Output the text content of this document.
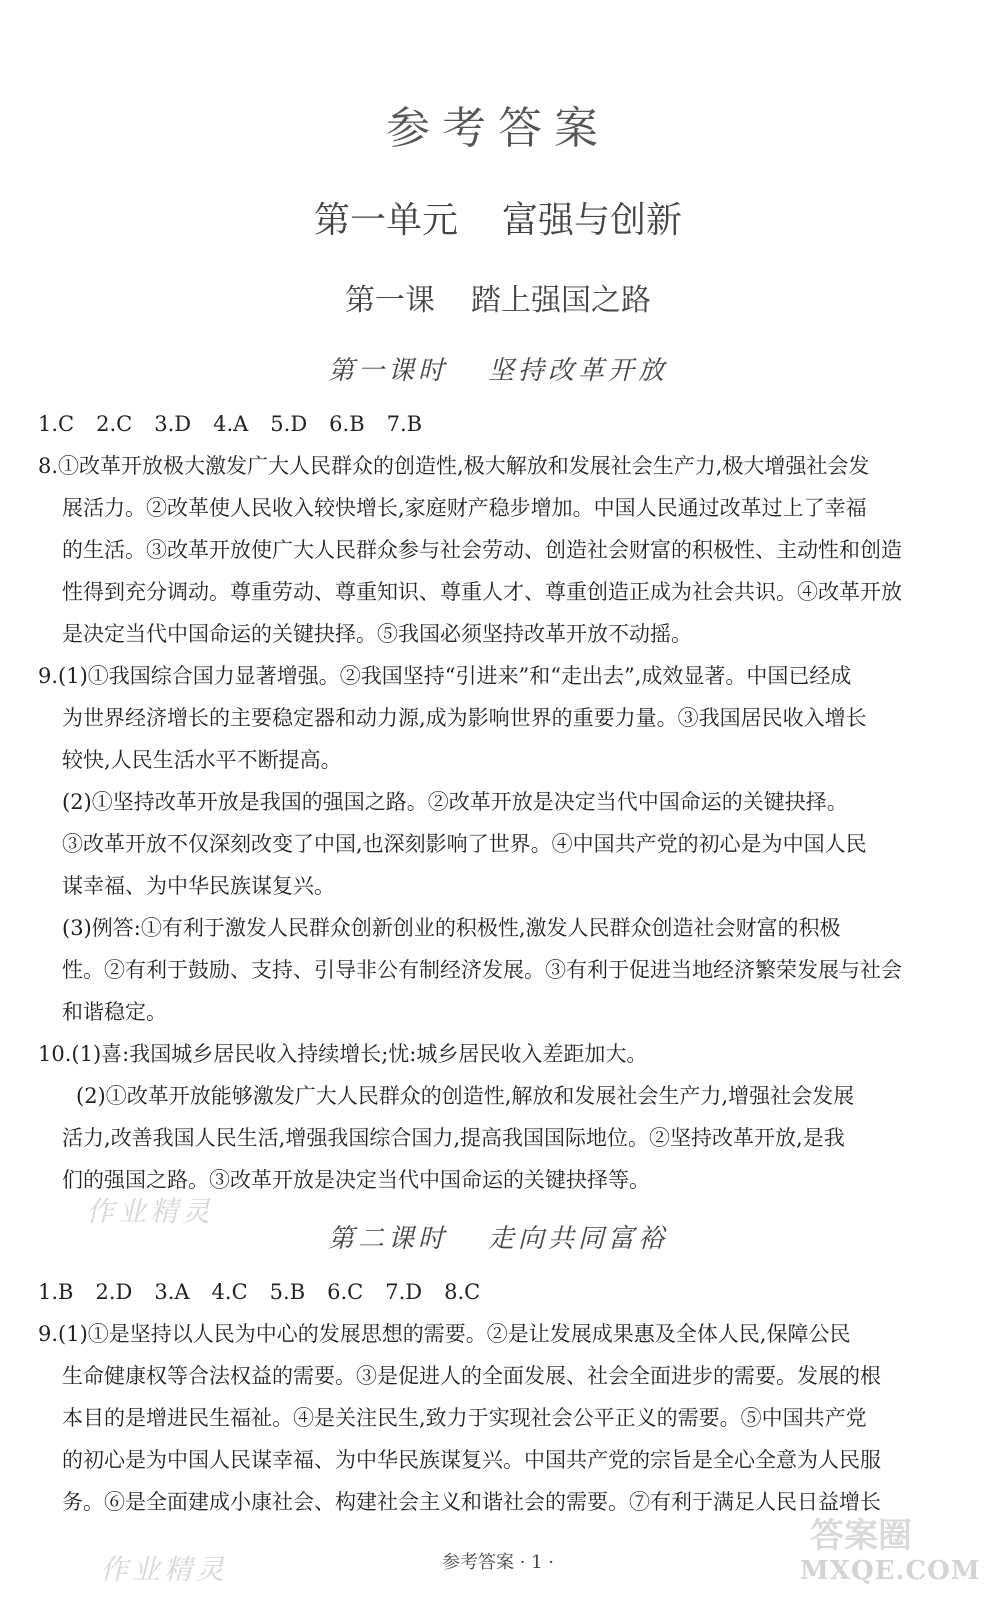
参考答案
第一单元 富强与创新
第一课 踏上强国之路
第一课时 坚持改革开放
1.C 2.C 3.D 4.A 5.D 6.B 7.B
8.①改革开放极大激发广大人民群众的创造性,极大解放和发展社会生产力,极大增强社会发
展活力。②改革使人民收入较快增长,家庭财产稳步增加。中国人民通过改革过上了幸福
的生活。③改革开放使广大人民群众参与社会劳动、创造社会财富的积极性、主动性和创造
性得到充分调动。尊重劳动、尊重知识、尊重人才、尊重创造正成为社会共识。④改革开放
是决定当代中国命运的关键抉择。⑤我国必须坚持改革开放不动摇。
9.(1)①我国综合国力显著增强。②我国坚持“引进来”和“走出去”,成效显著。中国已经成
为世界经济增长的主要稳定器和动力源,成为影响世界的重要力量。③我国居民收入增长
较快,人民生活水平不断提高。
(2)①坚持改革开放是我国的强国之路。②改革开放是决定当代中国命运的关键抉择。
③改革开放不仅深刻改变了中国,也深刻影响了世界。④中国共产党的初心是为中国人民
谋幸福、为中华民族谋复兴。
(3)例答:①有利于激发人民群众创新创业的积极性,激发人民群众创造社会财富的积极
性。②有利于鼓励、支持、引导非公有制经济发展。③有利于促进当地经济繁荣发展与社会
和谐稳定。
10.(1)喜:我国城乡居民收入持续增长;忧:城乡居民收入差距加大。
(2)①改革开放能够激发广大人民群众的创造性,解放和发展社会生产力,增强社会发展
活力,改善我国人民生活,增强我国综合国力,提高我国国际地位。②坚持改革开放,是我
们的强国之路。③改革开放是决定当代中国命运的关键抉择等。
作业精灵
第二课时 走向共同富裕
1.B 2.D 3.A 4.C 5.B 6.C 7.D 8.C
9.(1)①是坚持以人民为中心的发展思想的需要。②是让发展成果惠及全体人民,保障公民
生命健康权等合法权益的需要。③是促进人的全面发展、社会全面进步的需要。发展的根
本目的是增进民生福祉。④是关注民生,致力于实现社会公平正义的需要。⑤中国共产党
的初心是为中国人民谋幸福、为中华民族谋复兴。中国共产党的宗旨是全心全意为人民服
务。⑥是全面建成小康社会、构建社会主义和谐社会的需要。⑦有利于满足人民日益增长
作业精灵	参考答案 · 1 ·
答案圈
MXQE.COM
